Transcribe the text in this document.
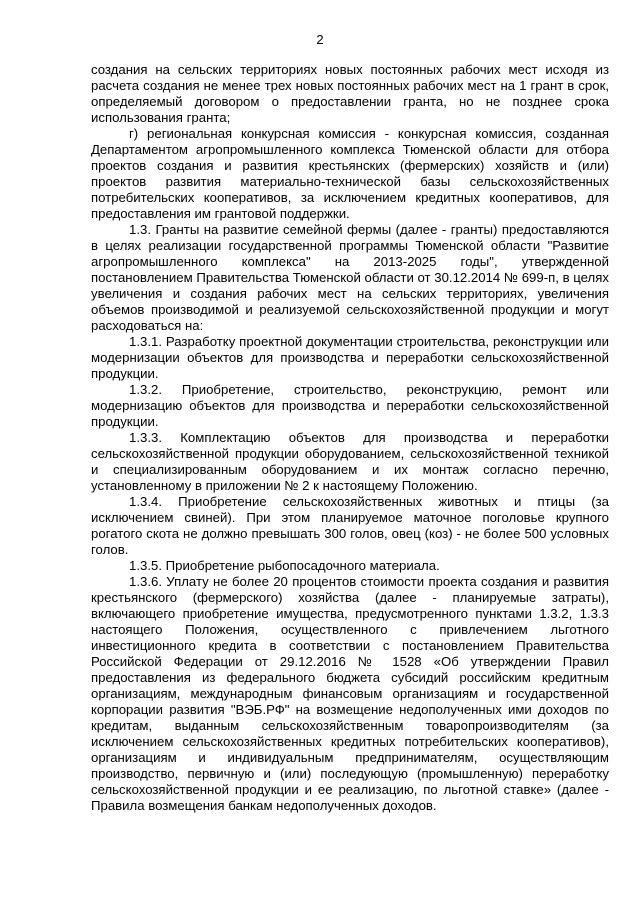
2

создания на сельских территориях новых постоянных рабочих мест исходя из расчета создания не менее трех новых постоянных рабочих мест на 1 грант в срок, определяемый договором о предоставлении гранта, но не позднее срока использования гранта;

г) региональная конкурсная комиссия - конкурсная комиссия, созданная Департаментом агропромышленного комплекса Тюменской области для отбора проектов создания и развития крестьянских (фермерских) хозяйств и (или) проектов развития материально-технической базы сельскохозяйственных потребительских кооперативов, за исключением кредитных кооперативов, для предоставления им грантовой поддержки.

1.3. Гранты на развитие семейной фермы (далее - гранты) предоставляются в целях реализации государственной программы Тюменской области "Развитие агропромышленного комплекса" на 2013-2025 годы", утвержденной постановлением Правительства Тюменской области от 30.12.2014 № 699-п, в целях увеличения и создания рабочих мест на сельских территориях, увеличения объемов производимой и реализуемой сельскохозяйственной продукции и могут расходоваться на:

1.3.1. Разработку проектной документации строительства, реконструкции или модернизации объектов для производства и переработки сельскохозяйственной продукции.

1.3.2. Приобретение, строительство, реконструкцию, ремонт или модернизацию объектов для производства и переработки сельскохозяйственной продукции.

1.3.3. Комплектацию объектов для производства и переработки сельскохозяйственной продукции оборудованием, сельскохозяйственной техникой и специализированным оборудованием и их монтаж согласно перечню, установленному в приложении № 2 к настоящему Положению.

1.3.4. Приобретение сельскохозяйственных животных и птицы (за исключением свиней). При этом планируемое маточное поголовье крупного рогатого скота не должно превышать 300 голов, овец (коз) - не более 500 условных голов.

1.3.5. Приобретение рыбопосадочного материала.

1.3.6. Уплату не более 20 процентов стоимости проекта создания и развития крестьянского (фермерского) хозяйства (далее - планируемые затраты), включающего приобретение имущества, предусмотренного пунктами 1.3.2, 1.3.3 настоящего Положения, осуществленного с привлечением льготного инвестиционного кредита в соответствии с постановлением Правительства Российской Федерации от 29.12.2016 № 1528 «Об утверждении Правил предоставления из федерального бюджета субсидий российским кредитным организациям, международным финансовым организациям и государственной корпорации развития "ВЭБ.РФ" на возмещение недополученных ими доходов по кредитам, выданным сельскохозяйственным товаропроизводителям (за исключением сельскохозяйственных кредитных потребительских кооперативов), организациям и индивидуальным предпринимателям, осуществляющим производство, первичную и (или) последующую (промышленную) переработку сельскохозяйственной продукции и ее реализацию, по льготной ставке» (далее - Правила возмещения банкам недополученных доходов.
